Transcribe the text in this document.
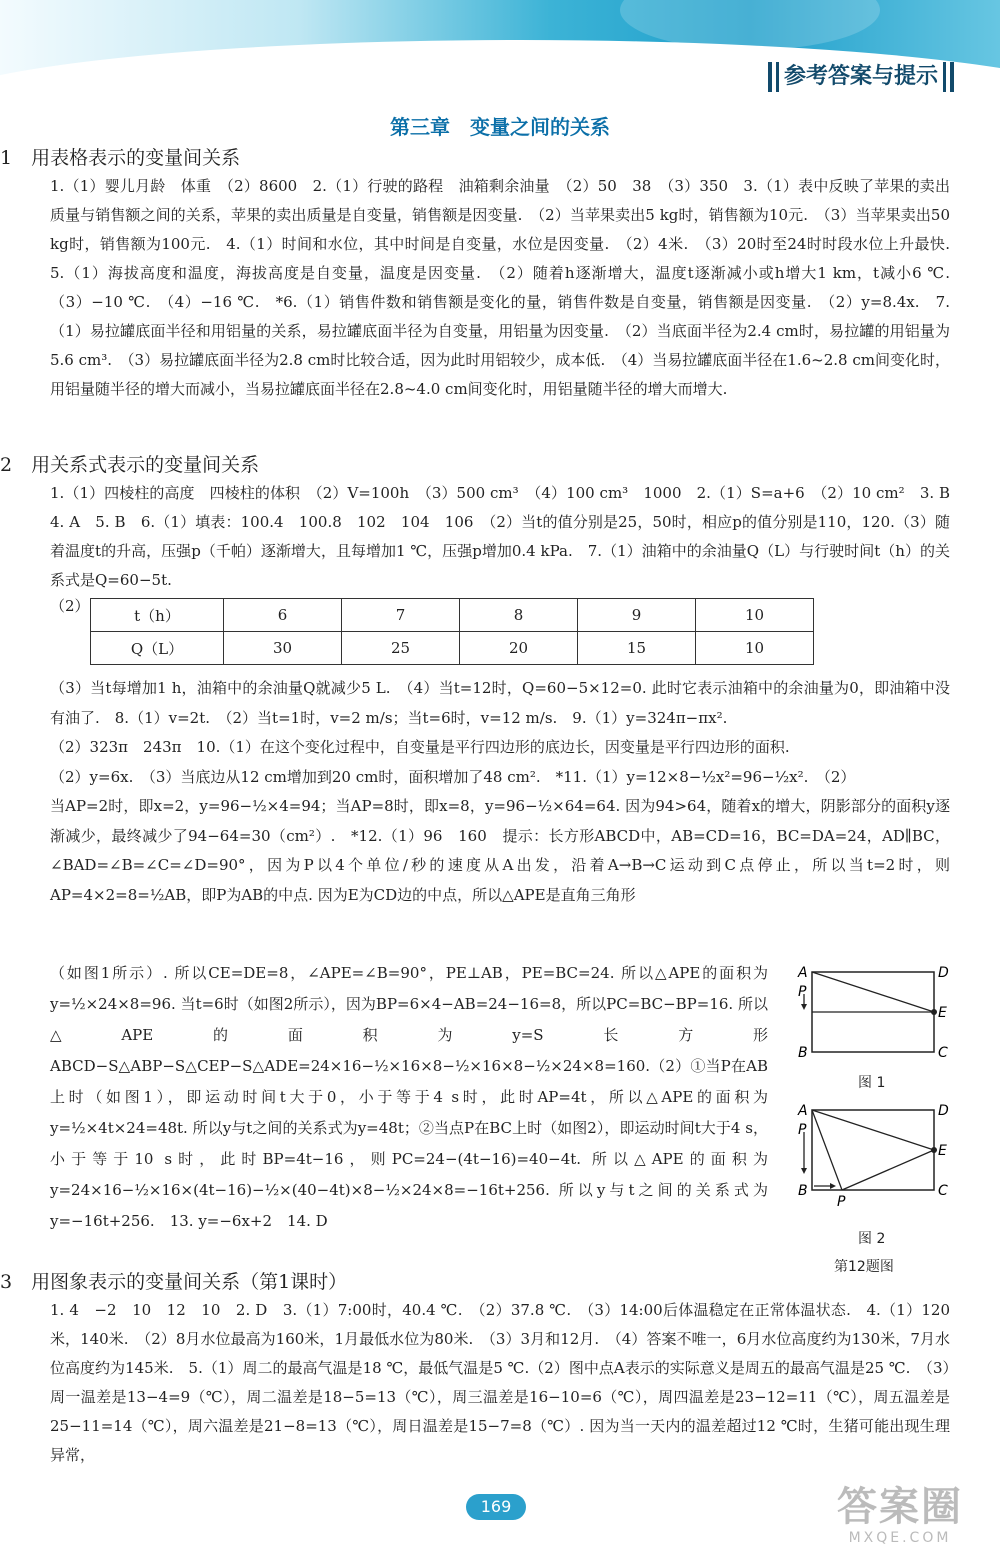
参考答案与提示
第三章　变量之间的关系
1　用表格表示的变量间关系

1.（1）婴儿月龄　体重　（2）8600　2.（1）行驶的路程　油箱剩余油量　（2）50　38　（3）350　3.（1）表中反映了苹果的卖出质量与销售额之间的关系，苹果的卖出质量是自变量，销售额是因变量.　（2）当苹果卖出5 kg时，销售额为10元.　（3）当苹果卖出50 kg时，销售额为100元.　4.（1）时间和水位，其中时间是自变量，水位是因变量.　（2）4米.　（3）20时至24时时段水位上升最快.　5.（1）海拔高度和温度，海拔高度是自变量，温度是因变量.　（2）随着h逐渐增大，温度t逐渐减小或h增大1 km，t减小6 ℃.（3）−10 ℃.　（4）−16 ℃.　*6.（1）销售件数和销售额是变化的量，销售件数是自变量，销售额是因变量.　（2）y=8.4x.　7.（1）易拉罐底面半径和用铝量的关系，易拉罐底面半径为自变量，用铝量为因变量.　（2）当底面半径为2.4 cm时，易拉罐的用铝量为5.6 cm³.　（3）易拉罐底面半径为2.8 cm时比较合适，因为此时用铝较少，成本低.　（4）当易拉罐底面半径在1.6~2.8 cm间变化时，用铝量随半径的增大而减小，当易拉罐底面半径在2.8~4.0 cm间变化时，用铝量随半径的增大而增大.

2　用关系式表示的变量间关系

1.（1）四棱柱的高度　四棱柱的体积　（2）V=100h　（3）500 cm³　（4）100 cm³　1000　2.（1）S=a+6　（2）10 cm²　3. B　4. A　5. B　6.（1）填表：100.4　100.8　102　104　106　（2）当t的值分别是25，50时，相应p的值分别是110，120.（3）随着温度t的升高，压强p（千帕）逐渐增大，且每增加1 ℃，压强p增加0.4 kPa.　7.（1）油箱中的余油量Q（L）与行驶时间t（h）的关系式是Q=60−5t.

（2）
t（h）	6	7	8	9	10
Q（L）	30	25	20	15	10

（3）当t每增加1 h，油箱中的余油量Q就减少5 L.　（4）当t=12时，Q=60−5×12=0. 此时它表示油箱中的余油量为0，即油箱中没有油了.　8.（1）v=2t.　（2）当t=1时，v=2 m/s；当t=6时，v=12 m/s.　9.（1）y=324π−πx².

（2）323π　243π　10.（1）在这个变化过程中，自变量是平行四边形的底边长，因变量是平行四边形的面积.

（2）y=6x.　（3）当底边从12 cm增加到20 cm时，面积增加了48 cm².　*11.（1）y=12×8−½x²=96−½x².　（2）

当AP=2时，即x=2，y=96−½×4=94；当AP=8时，即x=8，y=96−½×64=64. 因为94>64，随着x的增大，阴影部分的面积y逐渐减少，最终减少了94−64=30（cm²）.　*12.（1）96　160　提示：长方形ABCD中，AB=CD=16，BC=DA=24，AD∥BC，∠BAD=∠B=∠C=∠D=90°，因为P以4个单位/秒的速度从A出发，沿着A→B→C运动到C点停止，所以当t=2时，则AP=4×2=8=½AB，即P为AB的中点. 因为E为CD边的中点，所以△APE是直角三角形

（如图1所示）. 所以CE=DE=8，∠APE=∠B=90°，PE⊥AB，PE=BC=24. 所以△APE的面积为y=½×24×8=96. 当t=6时（如图2所示），因为BP=6×4−AB=24−16=8，所以PC=BC−BP=16. 所以△APE的面积为y=S长方形ABCD−S△ABP−S△CEP−S△ADE=24×16−½×16×8−½×16×8−½×24×8=160.（2）①当P在AB上时（如图1），即运动时间t大于0，小于等于4 s时，此时AP=4t，所以△APE的面积为y=½×4t×24=48t. 所以y与t之间的关系式为y=48t；②当点P在BC上时（如图2），即运动时间t大于4 s，小于等于10 s时，此时BP=4t−16，则PC=24−(4t−16)=40−4t. 所以△APE的面积为y=24×16−½×16×(4t−16)−½×(40−4t)×8−½×24×8=−16t+256. 所以y与t之间的关系式为y=−16t+256.　13. y=−6x+2　14. D

A
B	C
D
E
P
图 1
A
B	C
D
E
P
P
图 2
第12题图
3　用图象表示的变量间关系（第1课时）

1. 4　−2　10　12　10　2. D　3.（1）7:00时，40.4 ℃.　（2）37.8 ℃.　（3）14:00后体温稳定在正常体温状态.　4.（1）120米，140米.　（2）8月水位最高为160米，1月最低水位为80米.　（3）3月和12月.　（4）答案不唯一，6月水位高度约为130米，7月水位高度约为145米.　5.（1）周二的最高气温是18 ℃，最低气温是5 ℃.（2）图中点A表示的实际意义是周五的最高气温是25 ℃.　（3）周一温差是13−4=9（℃），周二温差是18−5=13（℃），周三温差是16−10=6（℃），周四温差是23−12=11（℃），周五温差是25−11=14（℃），周六温差是21−8=13（℃），周日温差是15−7=8（℃）. 因为当一天内的温差超过12 ℃时，生猪可能出现生理异常，

169	答案圈
MXQE.COM
